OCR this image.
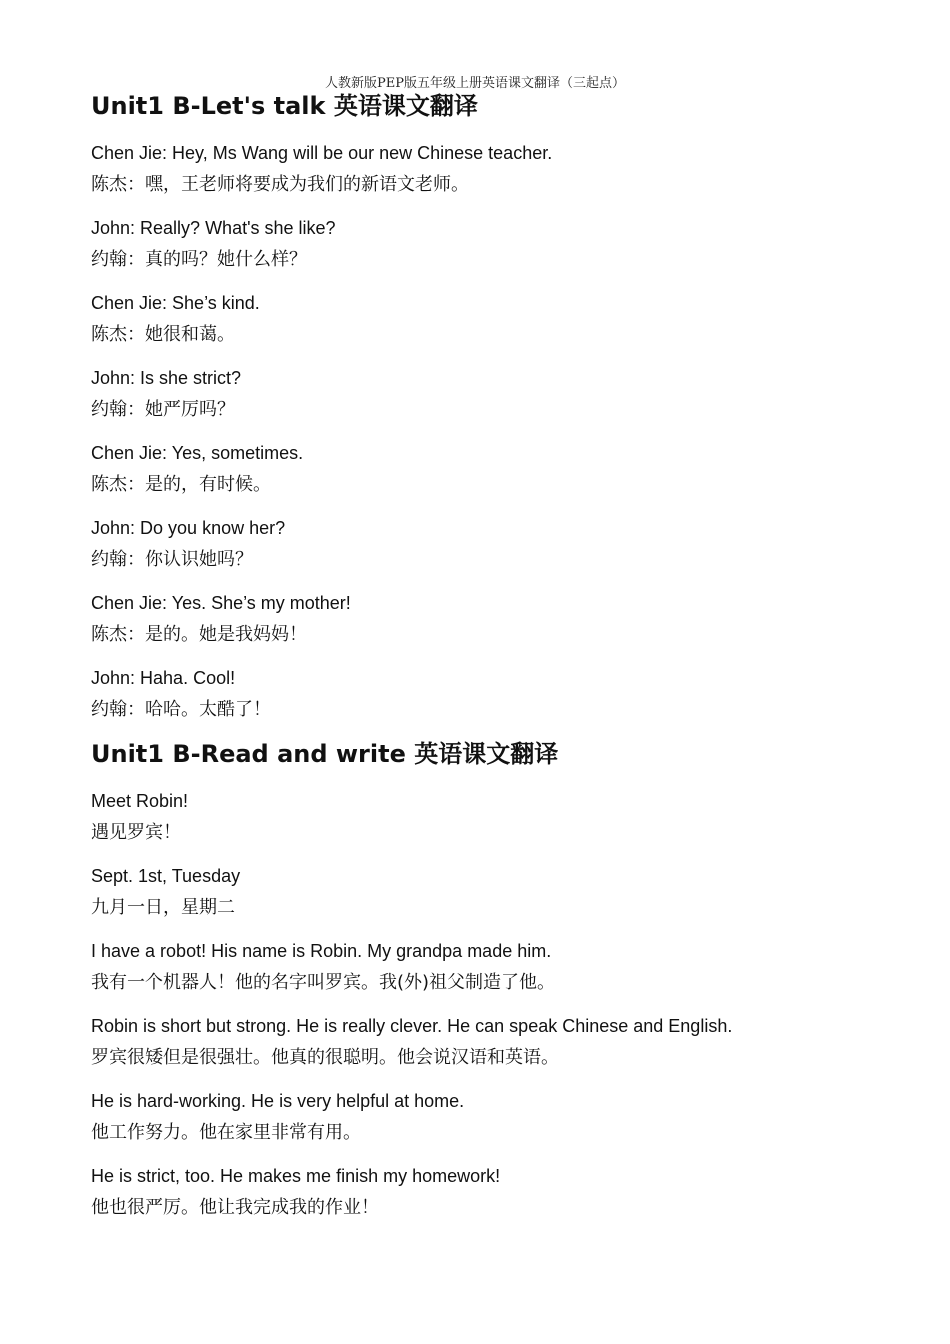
人教新版PEP版五年级上册英语课文翻译（三起点）
Unit1 B-Let's talk 英语课文翻译
Chen Jie: Hey, Ms Wang will be our new Chinese teacher.
陈杰：嘿，王老师将要成为我们的新语文老师。
John: Really? What's she like?
约翰：真的吗？她什么样？
Chen Jie: She’s kind.
陈杰：她很和蔼。
John: Is she strict?
约翰：她严厉吗？
Chen Jie: Yes, sometimes.
陈杰：是的，有时候。
John: Do you know her?
约翰：你认识她吗？
Chen Jie: Yes. She’s my mother!
陈杰：是的。她是我妈妈！
John: Haha. Cool!
约翰：哈哈。太酷了！
Unit1 B-Read and write 英语课文翻译
Meet Robin!
遇见罗宾！
Sept. 1st, Tuesday
九月一日，星期二
I have a robot! His name is Robin. My grandpa made him.
我有一个机器人！他的名字叫罗宾。我(外)祖父制造了他。
Robin is short but strong. He is really clever. He can speak Chinese and English.
罗宾很矮但是很强壮。他真的很聪明。他会说汉语和英语。
He is hard-working. He is very helpful at home.
他工作努力。他在家里非常有用。
He is strict, too. He makes me finish my homework!
他也很严厉。他让我完成我的作业！
